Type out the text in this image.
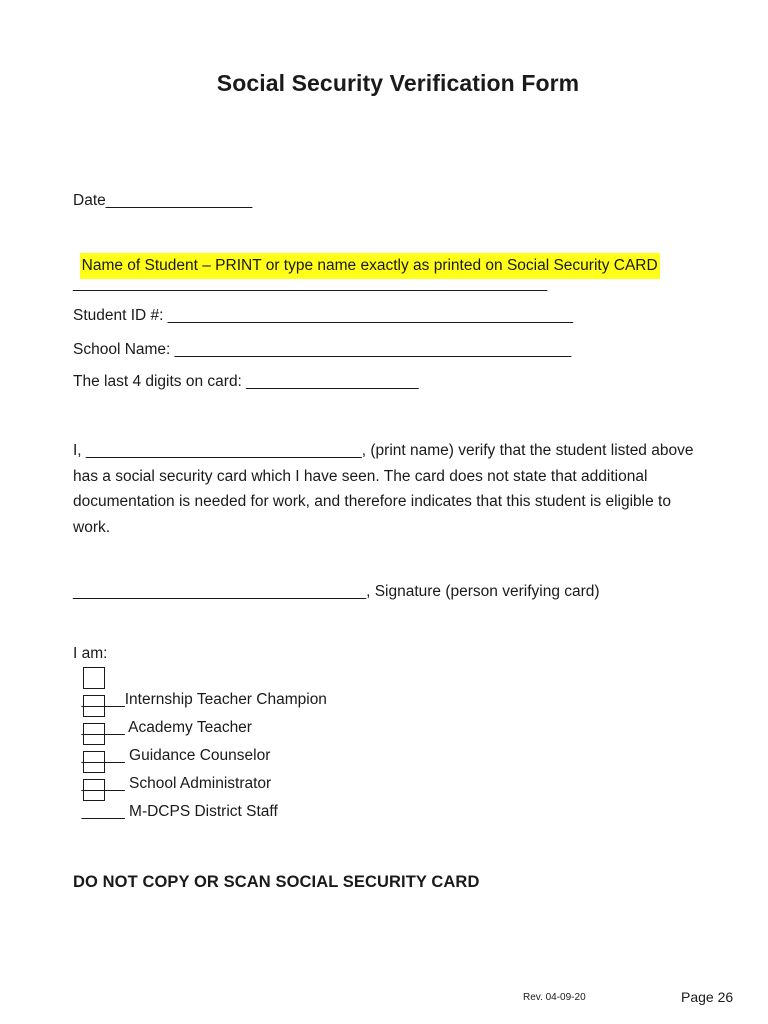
Social Security Verification Form
Date_________________

Name of Student – PRINT or type name exactly as printed on Social Security CARD

_______________________________________________________
Student ID #: _______________________________________________
School Name: ______________________________________________
The last 4 digits on card: ____________________
I, ________________________________, (print name) verify that the student listed above
has a social security card which I have seen. The card does not state that additional
documentation is needed for work, and therefore indicates that this student is eligible to
work.
__________________________________, Signature (person verifying card)
I am:

_____Internship Teacher Champion

_____ Academy Teacher

_____ Guidance Counselor

_____ School Administrator

_____ M-DCPS District Staff

DO NOT COPY OR SCAN SOCIAL SECURITY CARD
Rev. 04-09-20	Page 26
